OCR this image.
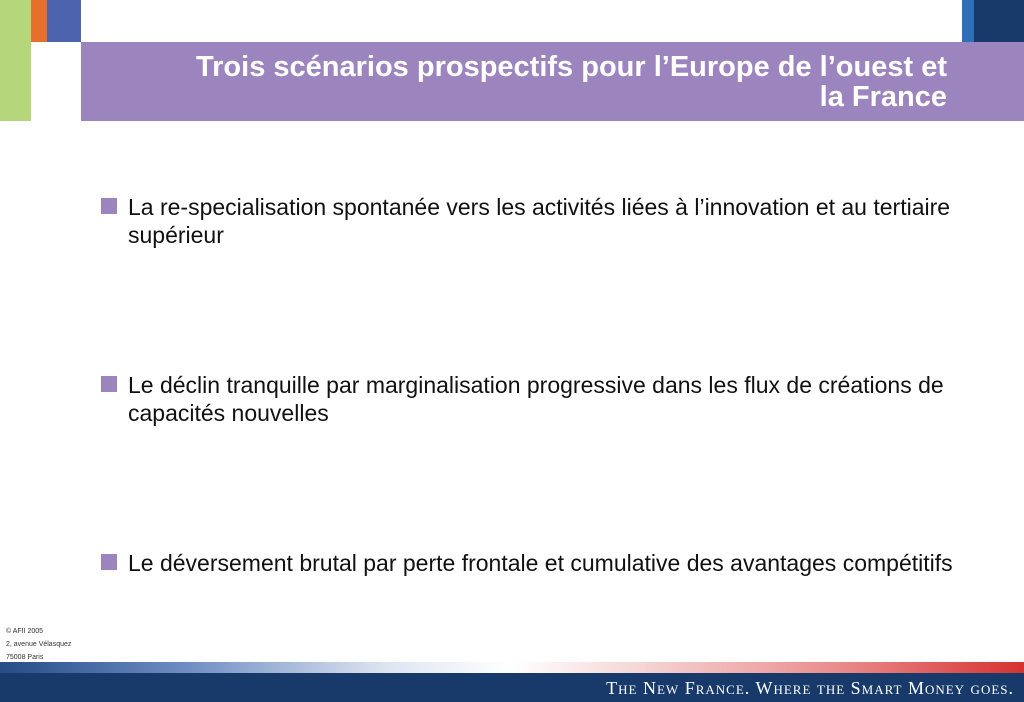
Trois scénarios prospectifs pour l’Europe de l’ouest et
la France
La re-specialisation spontanée vers les activités liées à l’innovation et au tertiaire supérieur
Le déclin tranquille par marginalisation progressive dans les flux de créations de capacités nouvelles
Le déversement brutal par perte frontale et cumulative des avantages compétitifs
© AFII 2005
2, avenue Vélasquez
75008 Paris
The New France. Where the Smart Money goes.
